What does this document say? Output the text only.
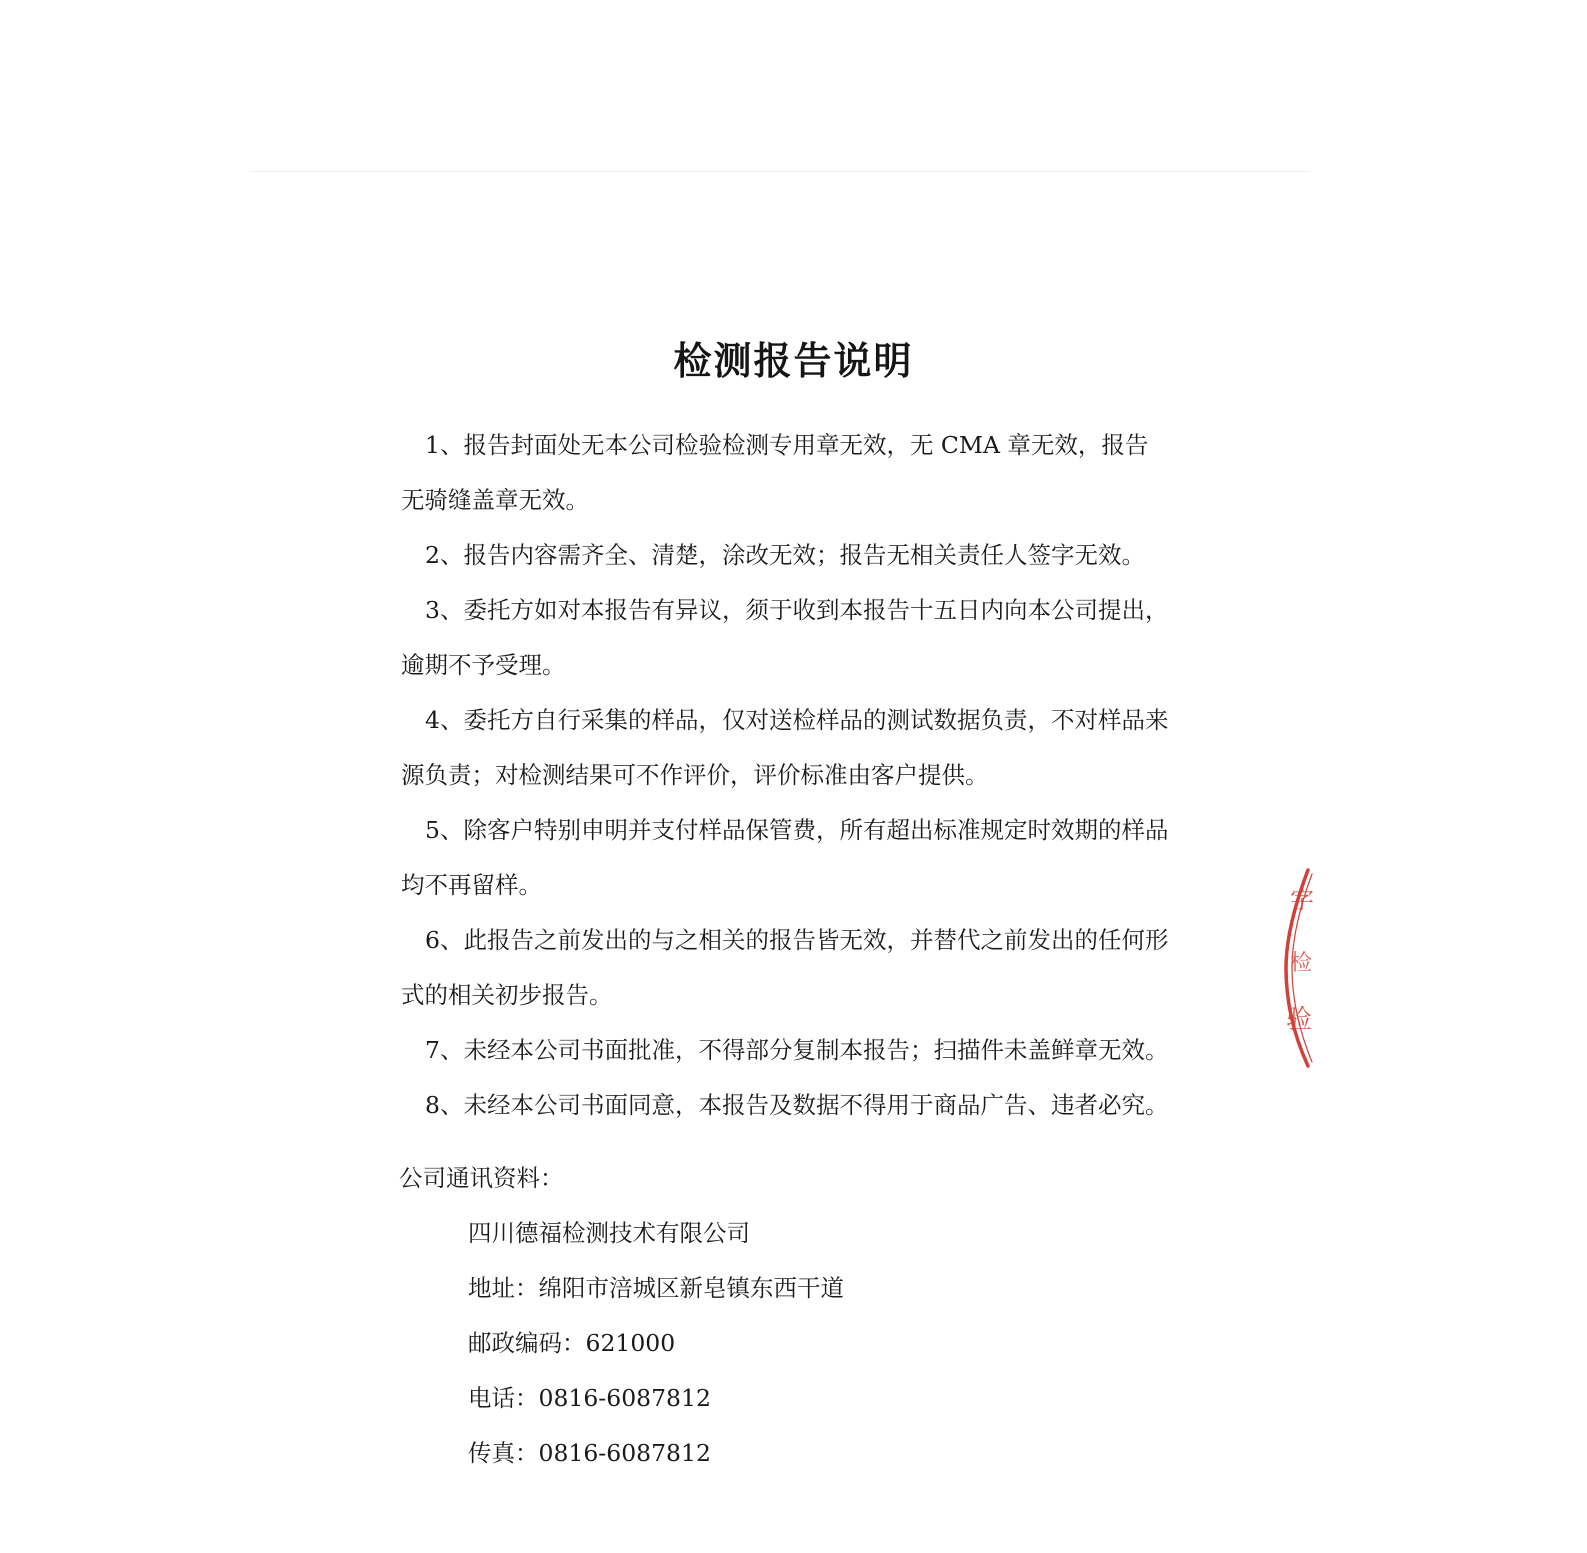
检测报告说明

1、报告封面处无本公司检验检测专用章无效，无 CMA 章无效，报告无骑缝盖章无效。

2、报告内容需齐全、清楚，涂改无效；报告无相关责任人签字无效。

3、委托方如对本报告有异议，须于收到本报告十五日内向本公司提出，逾期不予受理。

4、委托方自行采集的样品，仅对送检样品的测试数据负责，不对样品来源负责；对检测结果可不作评价，评价标准由客户提供。

5、除客户特别申明并支付样品保管费，所有超出标准规定时效期的样品均不再留样。

6、此报告之前发出的与之相关的报告皆无效，并替代之前发出的任何形式的相关初步报告。

7、未经本公司书面批准，不得部分复制本报告；扫描件未盖鲜章无效。

8、未经本公司书面同意，本报告及数据不得用于商品广告、违者必究。

公司通讯资料：

四川德福检测技术有限公司

地址：绵阳市涪城区新皂镇东西干道

邮政编码：621000

电话：0816-6087812

传真：0816-6087812

字
检
验
